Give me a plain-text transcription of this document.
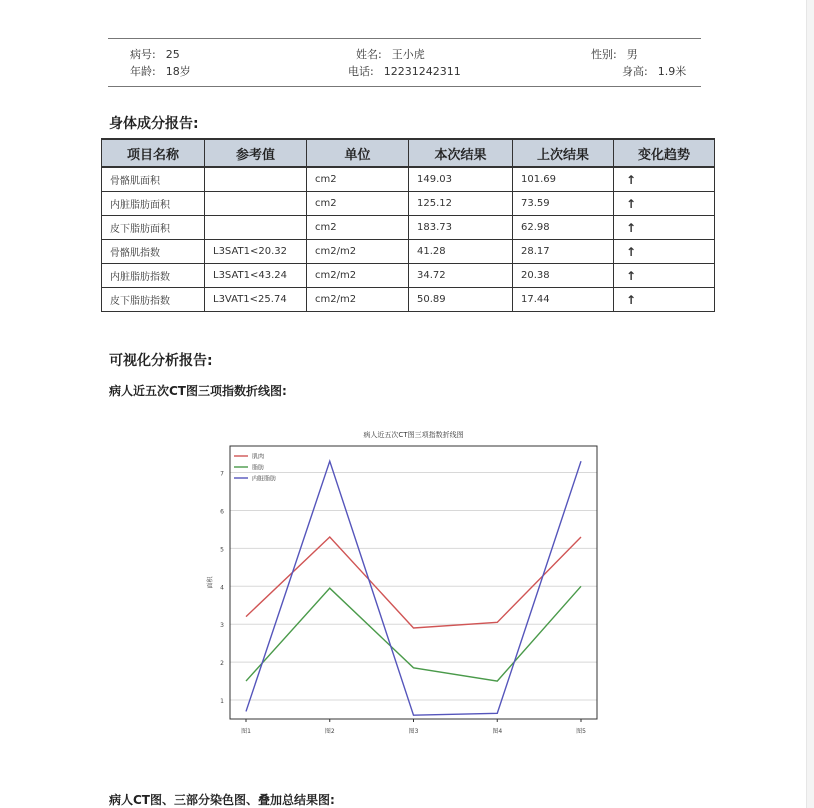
病号: 25	姓名: 王小虎	性别: 男
年龄: 18岁	电话: 12231242311	身高: 1.9米
身体成分报告:
项目名称	参考值	单位	本次结果	上次结果	变化趋势
骨骼肌面积		cm2	149.03	101.69	↑
内脏脂肪面积		cm2	125.12	73.59	↑
皮下脂肪面积		cm2	183.73	62.98	↑
骨骼肌指数	L3SAT1<20.32	cm2/m2	41.28	28.17	↑
内脏脂肪指数	L3SAT1<43.24	cm2/m2	34.72	20.38	↑
皮下脂肪指数	L3VAT1<25.74	cm2/m2	50.89	17.44	↑
可视化分析报告:
病人近五次CT图三项指数折线图:
病人近五次CT图三项指数折线图
1
2
3
4
5
6
7
面积
图1	图2	图3	图4	图5
肌肉
脂肪
内脏脂肪
病人CT图、三部分染色图、叠加总结果图:
